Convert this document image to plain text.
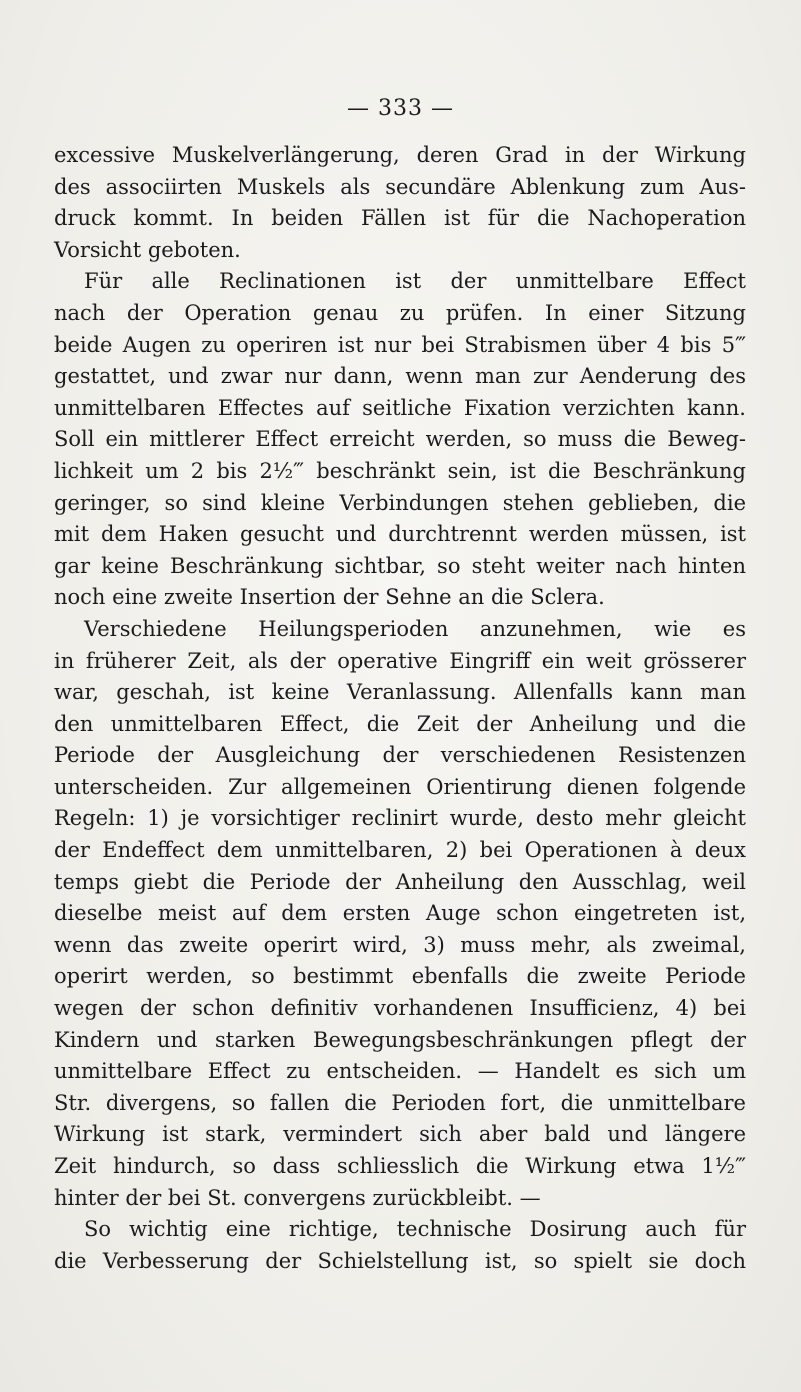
— 333 —
excessive Muskelverlängerung, deren Grad in der Wirkung
des associirten Muskels als secundäre Ablenkung zum Aus-
druck kommt. In beiden Fällen ist für die Nachoperation
Vorsicht geboten.
Für alle Reclinationen ist der unmittelbare Effect
nach der Operation genau zu prüfen. In einer Sitzung
beide Augen zu operiren ist nur bei Strabismen über 4 bis 5‴
gestattet, und zwar nur dann, wenn man zur Aenderung des
unmittelbaren Effectes auf seitliche Fixation verzichten kann.
Soll ein mittlerer Effect erreicht werden, so muss die Beweg-
lichkeit um 2 bis 2½‴ beschränkt sein, ist die Beschränkung
geringer, so sind kleine Verbindungen stehen geblieben, die
mit dem Haken gesucht und durchtrennt werden müssen, ist
gar keine Beschränkung sichtbar, so steht weiter nach hinten
noch eine zweite Insertion der Sehne an die Sclera.
Verschiedene Heilungsperioden anzunehmen, wie es
in früherer Zeit, als der operative Eingriff ein weit grösserer
war, geschah, ist keine Veranlassung. Allenfalls kann man
den unmittelbaren Effect, die Zeit der Anheilung und die
Periode der Ausgleichung der verschiedenen Resistenzen
unterscheiden. Zur allgemeinen Orientirung dienen folgende
Regeln: 1) je vorsichtiger reclinirt wurde, desto mehr gleicht
der Endeffect dem unmittelbaren, 2) bei Operationen à deux
temps giebt die Periode der Anheilung den Ausschlag, weil
dieselbe meist auf dem ersten Auge schon eingetreten ist,
wenn das zweite operirt wird, 3) muss mehr, als zweimal,
operirt werden, so bestimmt ebenfalls die zweite Periode
wegen der schon definitiv vorhandenen Insufficienz, 4) bei
Kindern und starken Bewegungsbeschränkungen pflegt der
unmittelbare Effect zu entscheiden. — Handelt es sich um
Str. divergens, so fallen die Perioden fort, die unmittelbare
Wirkung ist stark, vermindert sich aber bald und längere
Zeit hindurch, so dass schliesslich die Wirkung etwa 1½‴
hinter der bei St. convergens zurückbleibt. —
So wichtig eine richtige, technische Dosirung auch für
die Verbesserung der Schielstellung ist, so spielt sie doch
